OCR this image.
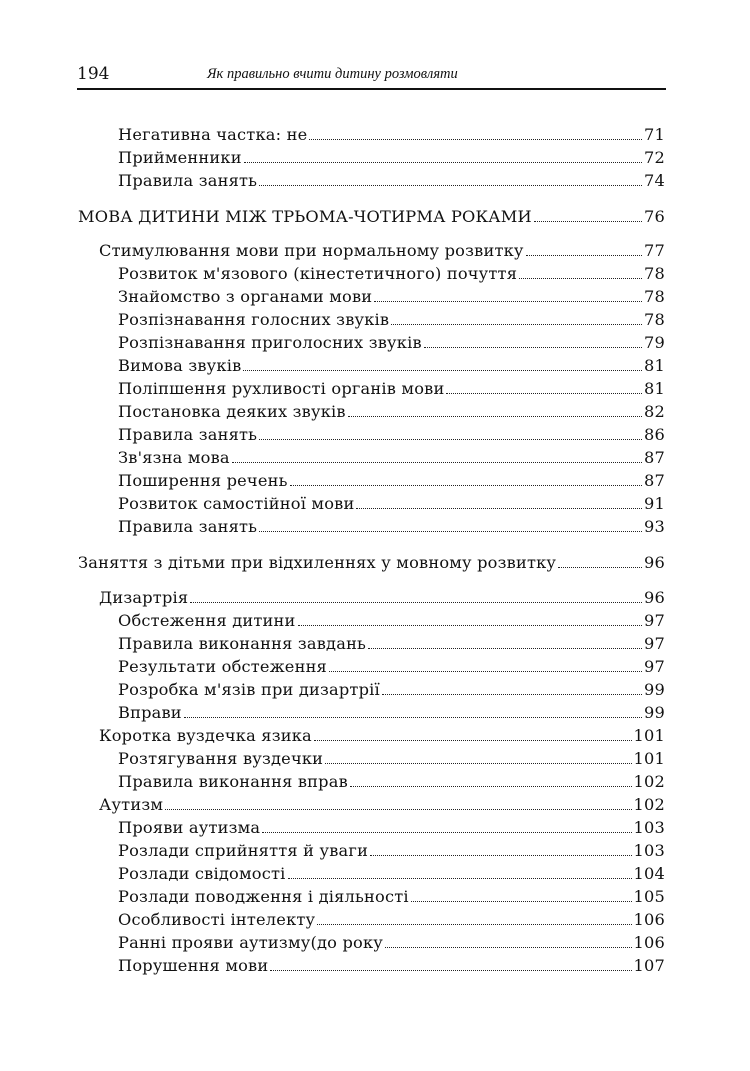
194	Як правильно вчити дитину розмовляти
Негативна частка: не	71
Прийменники	72
Правила занять	74
МОВА ДИТИНИ МІЖ ТРЬОМА-ЧОТИРМА РОКАМИ	76
Стимулювання мови при нормальному розвитку	77
Розвиток м'язового (кінестетичного) почуття	78
Знайомство з органами мови	78
Розпізнавання голосних звуків	78
Розпізнавання приголосних звуків	79
Вимова звуків	81
Поліпшення рухливості органів мови	81
Постановка деяких звуків	82
Правила занять	86
Зв'язна мова	87
Поширення речень	87
Розвиток самостійної мови	91
Правила занять	93
Заняття з дітьми при відхиленнях у мовному розвитку	96
Дизартрія	96
Обстеження дитини	97
Правила виконання завдань	97
Результати обстеження	97
Розробка м'язів при дизартрії	99
Вправи	99
Коротка вуздечка язика	101
Розтягування вуздечки	101
Правила виконання вправ	102
Аутизм	102
Прояви аутизма	103
Розлади сприйняття й уваги	103
Розлади свідомості	104
Розлади поводження і діяльності	105
Особливості інтелекту	106
Ранні прояви аутизму(до року	106
Порушення мови	107
